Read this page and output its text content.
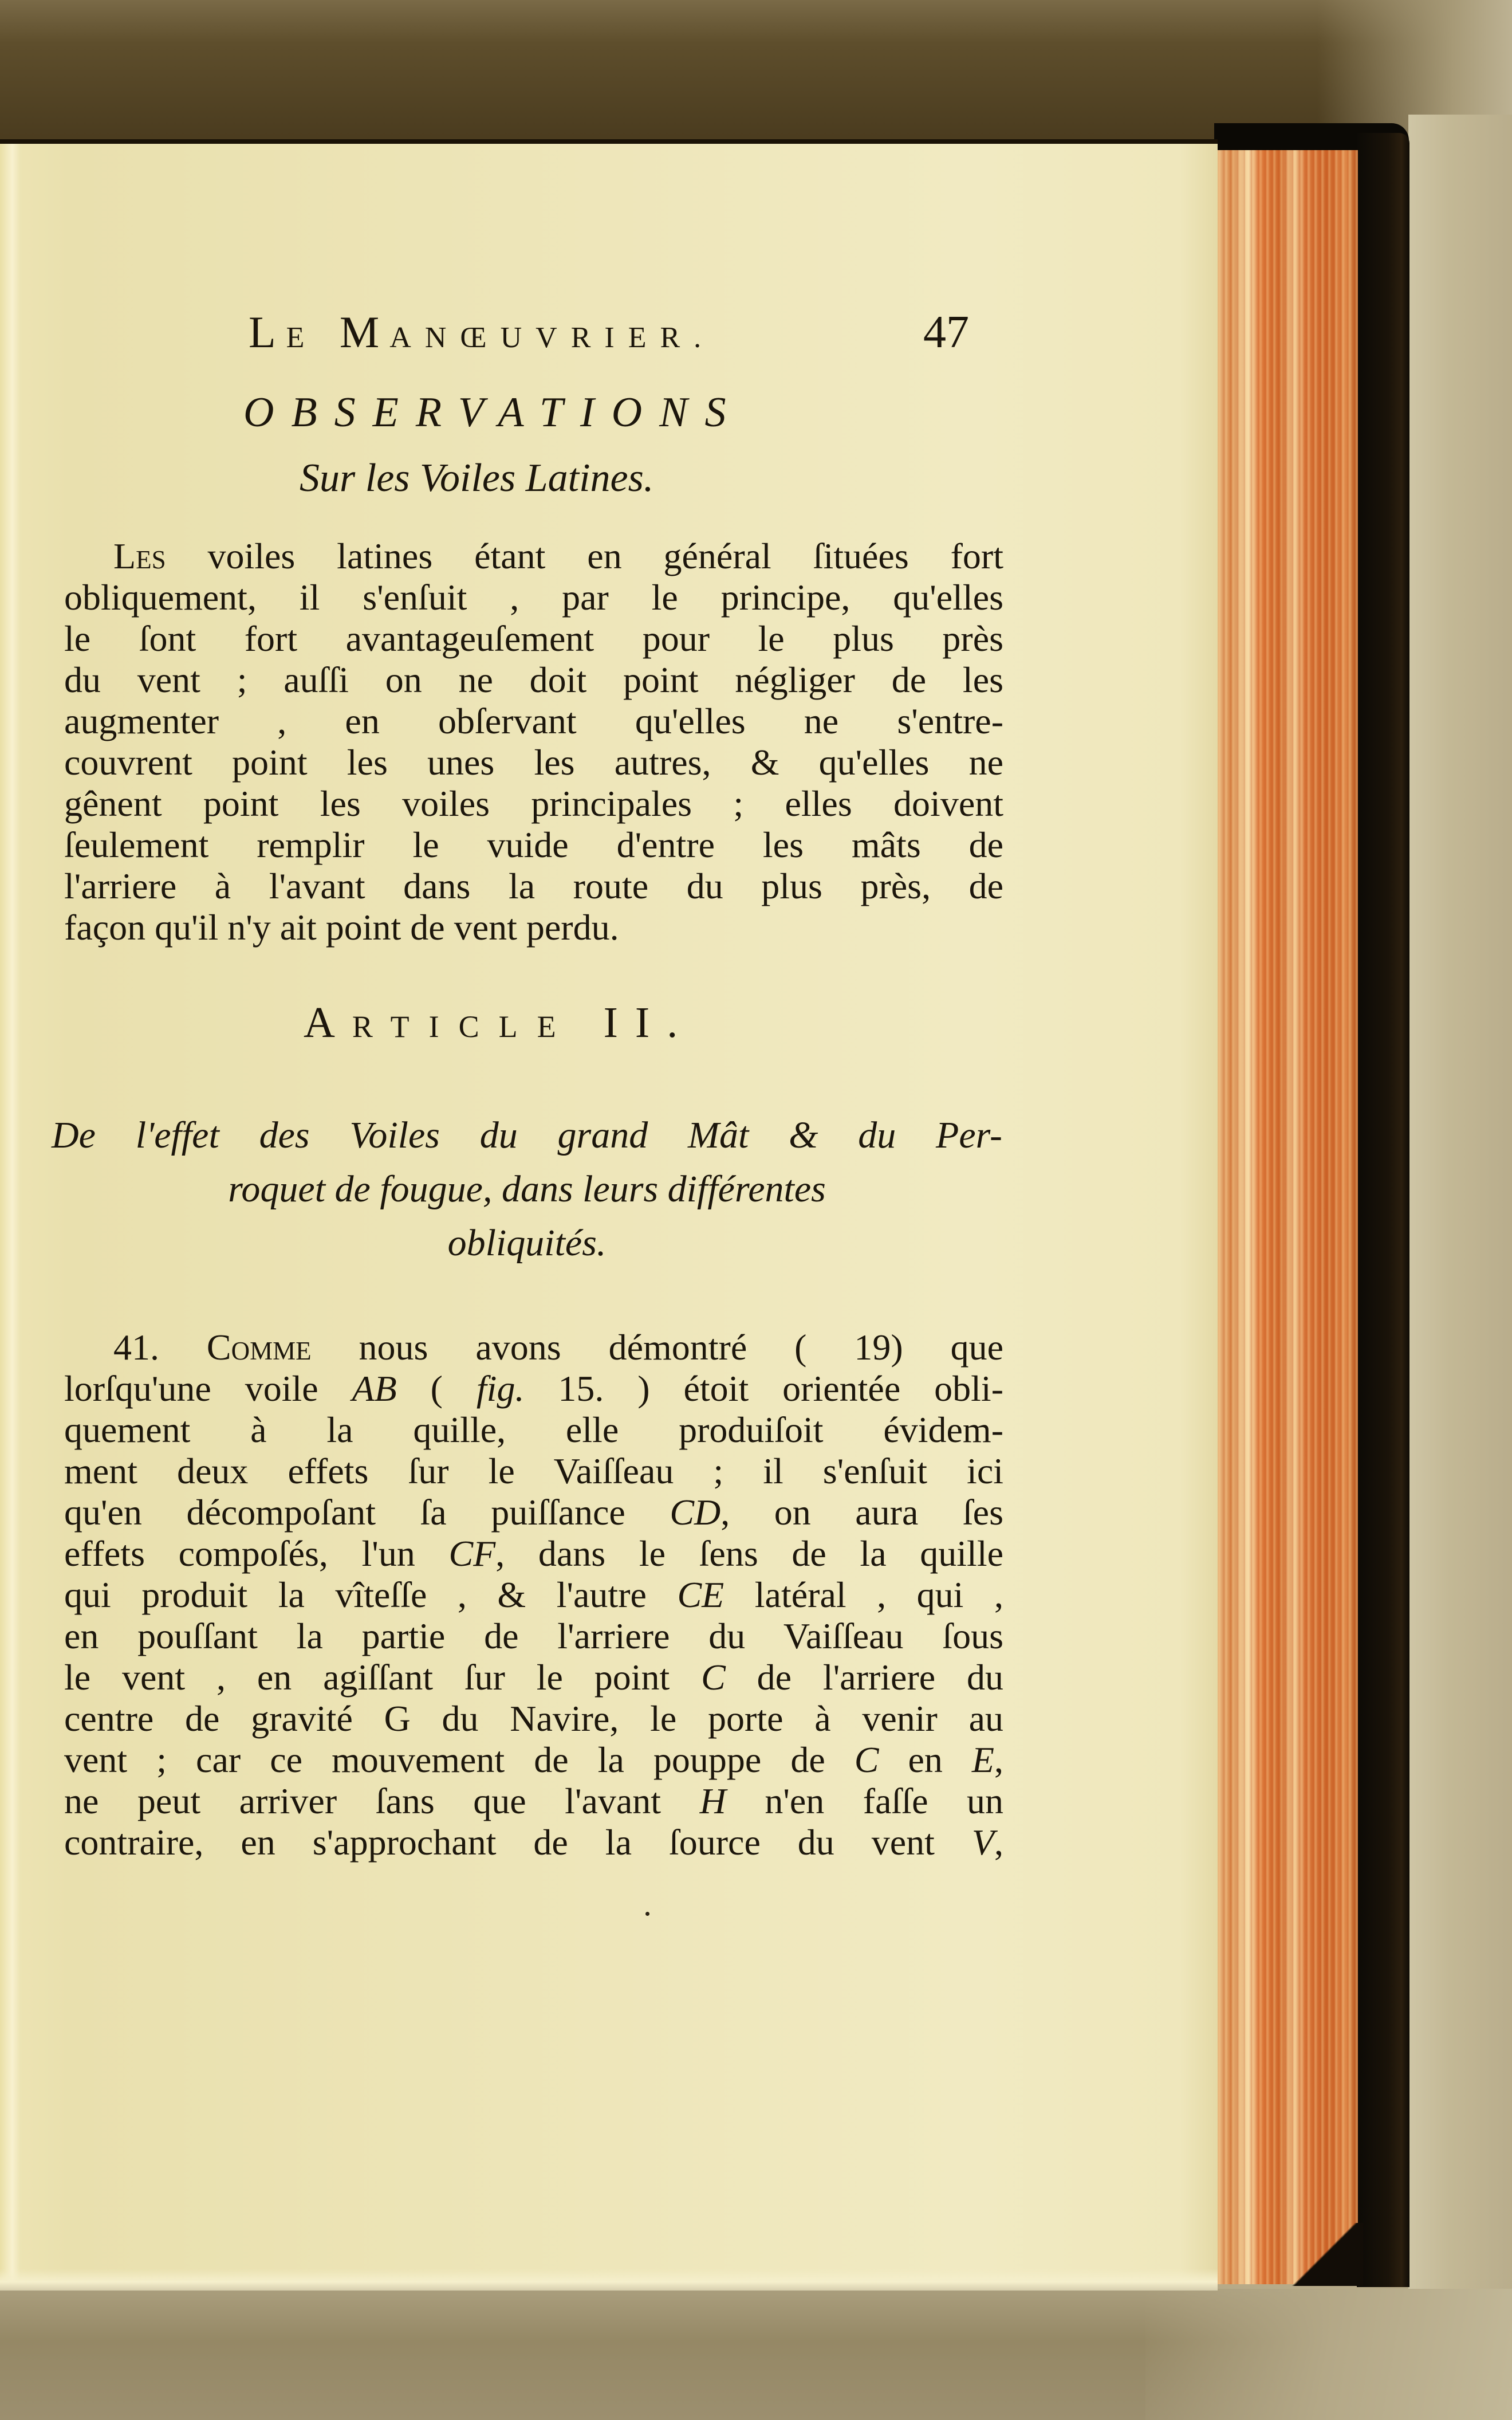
LE MANŒUVRIER.	47
OBSERVATIONS
Sur les Voiles Latines.
Les voiles latines étant en général ſituées fort
obliquement, il s'enſuit , par le principe, qu'elles
le ſont fort avantageuſement pour le plus près
du vent ; auſſi on ne doit point négliger de les
augmenter , en obſervant qu'elles ne s'entre-
couvrent point les unes les autres, & qu'elles ne
gênent point les voiles principales ; elles doivent
ſeulement remplir le vuide d'entre les mâts de
l'arriere à l'avant dans la route du plus près, de
façon qu'il n'y ait point de vent perdu.
ARTICLE II.
De l'effet des Voiles du grand Mât & du Per-
roquet de fougue, dans leurs différentes
obliquités.
41. Comme nous avons démontré ( 19) que
lorſqu'une voile AB ( fig. 15. ) étoit orientée obli-
quement à la quille, elle produiſoit évidem-
ment deux effets ſur le Vaiſſeau ; il s'enſuit ici
qu'en décompoſant ſa puiſſance CD, on aura ſes
effets compoſés, l'un CF, dans le ſens de la quille
qui produit la vîteſſe , & l'autre CE latéral , qui ,
en pouſſant la partie de l'arriere du Vaiſſeau ſous
le vent , en agiſſant ſur le point C de l'arriere du
centre de gravité G du Navire, le porte à venir au
vent ; car ce mouvement de la pouppe de C en E,
ne peut arriver ſans que l'avant H n'en faſſe un
contraire, en s'approchant de la ſource du vent V,
